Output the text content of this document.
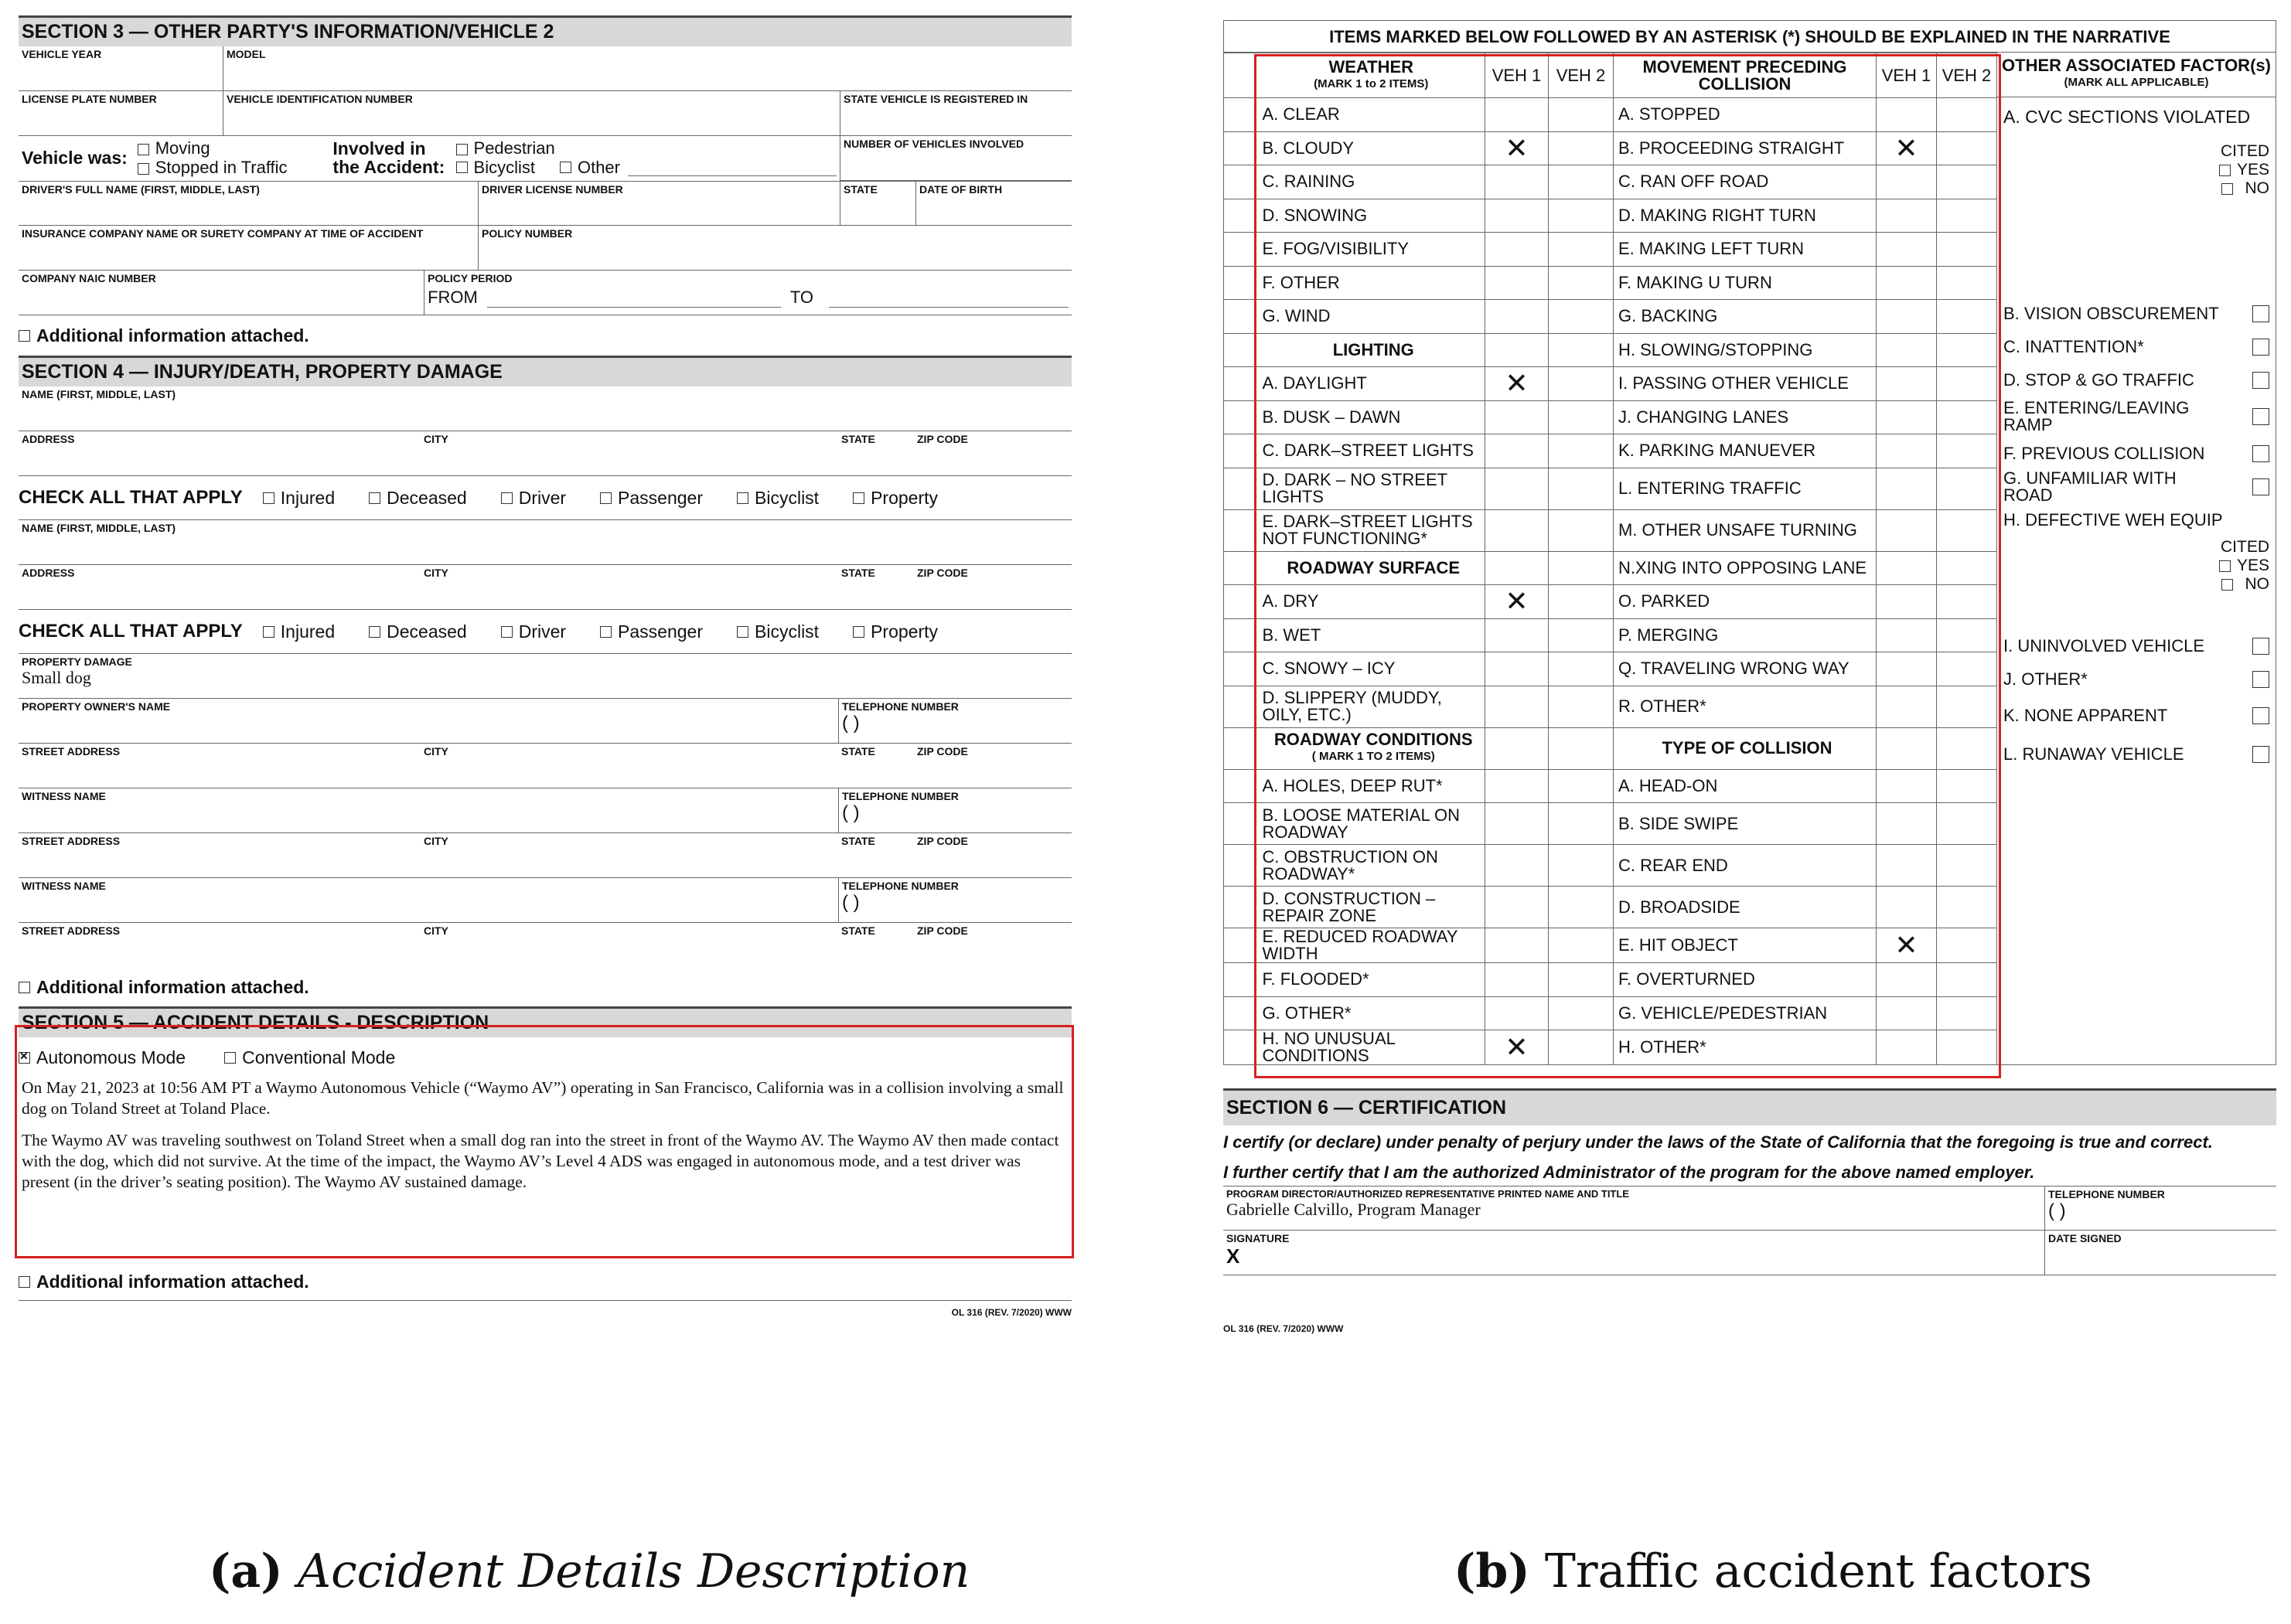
SECTION 3 — OTHER PARTY'S INFORMATION/VEHICLE 2
VEHICLE YEAR	MODEL
LICENSE PLATE NUMBER	VEHICLE IDENTIFICATION NUMBER	STATE VEHICLE IS REGISTERED IN
Vehicle was:	Moving
Stopped in Traffic
Involved in the Accident:
Pedestrian
Bicyclist	Other
NUMBER OF VEHICLES INVOLVED
DRIVER'S FULL NAME (FIRST, MIDDLE, LAST)	DRIVER LICENSE NUMBER	STATE	DATE OF BIRTH
INSURANCE COMPANY NAME OR SURETY COMPANY AT TIME OF ACCIDENT	POLICY NUMBER
COMPANY NAIC NUMBER	POLICY PERIOD
FROM	TO
Additional information attached.
SECTION 4 — INJURY/DEATH, PROPERTY DAMAGE
NAME (FIRST, MIDDLE, LAST)
ADDRESS	CITY	STATE	ZIP CODE
CHECK ALL THAT APPLY Injured	Deceased	Driver	Passenger	Bicyclist	Property
NAME (FIRST, MIDDLE, LAST)
ADDRESS	CITY	STATE	ZIP CODE
CHECK ALL THAT APPLY Injured	Deceased	Driver	Passenger	Bicyclist	Property
PROPERTY DAMAGE
Small dog
PROPERTY OWNER'S NAME	TELEPHONE NUMBER
( )
STREET ADDRESS	CITY	STATE	ZIP CODE
WITNESS NAME	TELEPHONE NUMBER
( )
STREET ADDRESS	CITY	STATE	ZIP CODE
WITNESS NAME	TELEPHONE NUMBER
( )
STREET ADDRESS	CITY	STATE	ZIP CODE
Additional information attached.
SECTION 5 — ACCIDENT DETAILS - DESCRIPTION
✕
Autonomous Mode	Conventional Mode

On May 21, 2023 at 10:56 AM PT a Waymo Autonomous Vehicle (“Waymo AV”) operating in San Francisco, California was in a collision involving a small dog on Toland Street at Toland Place.

The Waymo AV was traveling southwest on Toland Street when a small dog ran into the street in front of the Waymo AV. The Waymo AV then made contact with the dog, which did not survive. At the time of the impact, the Waymo AV’s Level 4 ADS was engaged in autonomous mode, and a test driver was present (in the driver’s seating position). The Waymo AV sustained damage.

Additional information attached.
OL 316 (REV. 7/2020) WWW
ITEMS MARKED BELOW FOLLOWED BY AN ASTERISK (*) SHOULD BE EXPLAINED IN THE NARRATIVE

	WEATHER
(MARK 1 to 2 ITEMS)	VEH 1	VEH 2	MOVEMENT PRECEDING COLLISION	VEH 1	VEH 2

	A. CLEAR			A. STOPPED		

	B. CLOUDY	✕		B. PROCEEDING STRAIGHT	✕	

	C. RAINING			C. RAN OFF ROAD		

	D. SNOWING			D. MAKING RIGHT TURN		

	E. FOG/VISIBILITY			E. MAKING LEFT TURN		

	F. OTHER			F. MAKING U TURN		

	G. WIND			G. BACKING		

	LIGHTING			H. SLOWING/STOPPING		

	A. DAYLIGHT	✕		I. PASSING OTHER VEHICLE		

	B. DUSK – DAWN			J. CHANGING LANES		

	C. DARK–STREET LIGHTS			K. PARKING MANUEVER		

	D. DARK – NO STREET LIGHTS			L. ENTERING TRAFFIC		

	E. DARK–STREET LIGHTS NOT FUNCTIONING*			M. OTHER UNSAFE TURNING		

	ROADWAY SURFACE			N.XING INTO OPPOSING LANE		

	A. DRY	✕		O. PARKED		

	B. WET			P. MERGING		

	C. SNOWY – ICY			Q. TRAVELING WRONG WAY		

	D. SLIPPERY (MUDDY, OILY, ETC.)			R. OTHER*		

	ROADWAY CONDITIONS
( MARK 1 TO 2 ITEMS)			TYPE OF COLLISION		

	A. HOLES, DEEP RUT*			A. HEAD-ON		

	B. LOOSE MATERIAL ON ROADWAY			B. SIDE SWIPE		

	C. OBSTRUCTION ON ROADWAY*			C. REAR END		

	D. CONSTRUCTION – REPAIR ZONE			D. BROADSIDE		

	E. REDUCED ROADWAY WIDTH			E. HIT OBJECT	✕	

	F. FLOODED*			F. OVERTURNED		

	G. OTHER*			G. VEHICLE/PEDESTRIAN		

	H. NO UNUSUAL CONDITIONS	✕		H. OTHER*		
OTHER ASSOCIATED FACTOR(s)
(MARK ALL APPLICABLE)
A. CVC SECTIONS VIOLATED
CITED
YES
NO
B. VISION OBSCUREMENT
C. INATTENTION*
D. STOP & GO TRAFFIC
E. ENTERING/LEAVING RAMP
F. PREVIOUS COLLISION
G. UNFAMILIAR WITH ROAD
H. DEFECTIVE WEH EQUIP
CITED
YES
NO
I. UNINVOLVED VEHICLE
J. OTHER*
K. NONE APPARENT
L. RUNAWAY VEHICLE
SECTION 6 — CERTIFICATION
I certify (or declare) under penalty of perjury under the laws of the State of California that the foregoing is true and correct.
I further certify that I am the authorized Administrator of the program for the above named employer.
PROGRAM DIRECTOR/AUTHORIZED REPRESENTATIVE PRINTED NAME AND TITLE
Gabrielle Calvillo, Program Manager
TELEPHONE NUMBER
( )
SIGNATURE
X
DATE SIGNED
OL 316 (REV. 7/2020) WWW
(a) Accident Details Description	(b) Traffic accident factors
